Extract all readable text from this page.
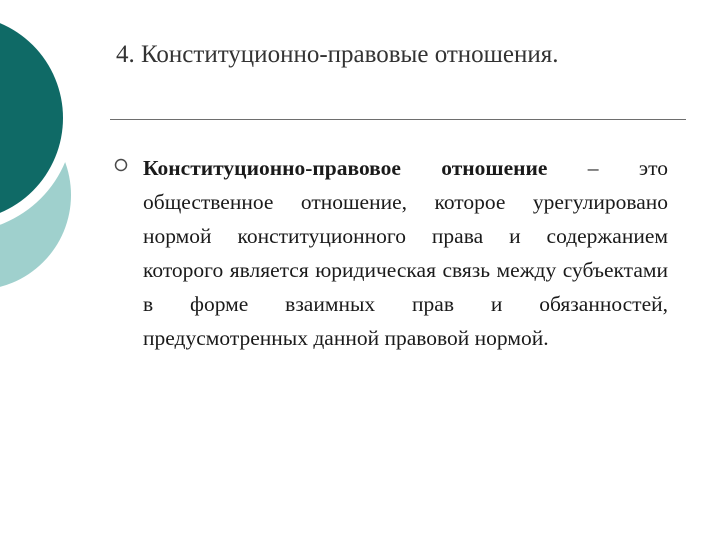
4. Конституционно-правовые отношения.

Конституционно-правовое отношение – это общественное отношение, которое урегулировано нормой конституционного права и содержанием которого является юридическая связь между субъектами в форме взаимных прав и обязанностей, предусмотренных данной правовой нормой.
